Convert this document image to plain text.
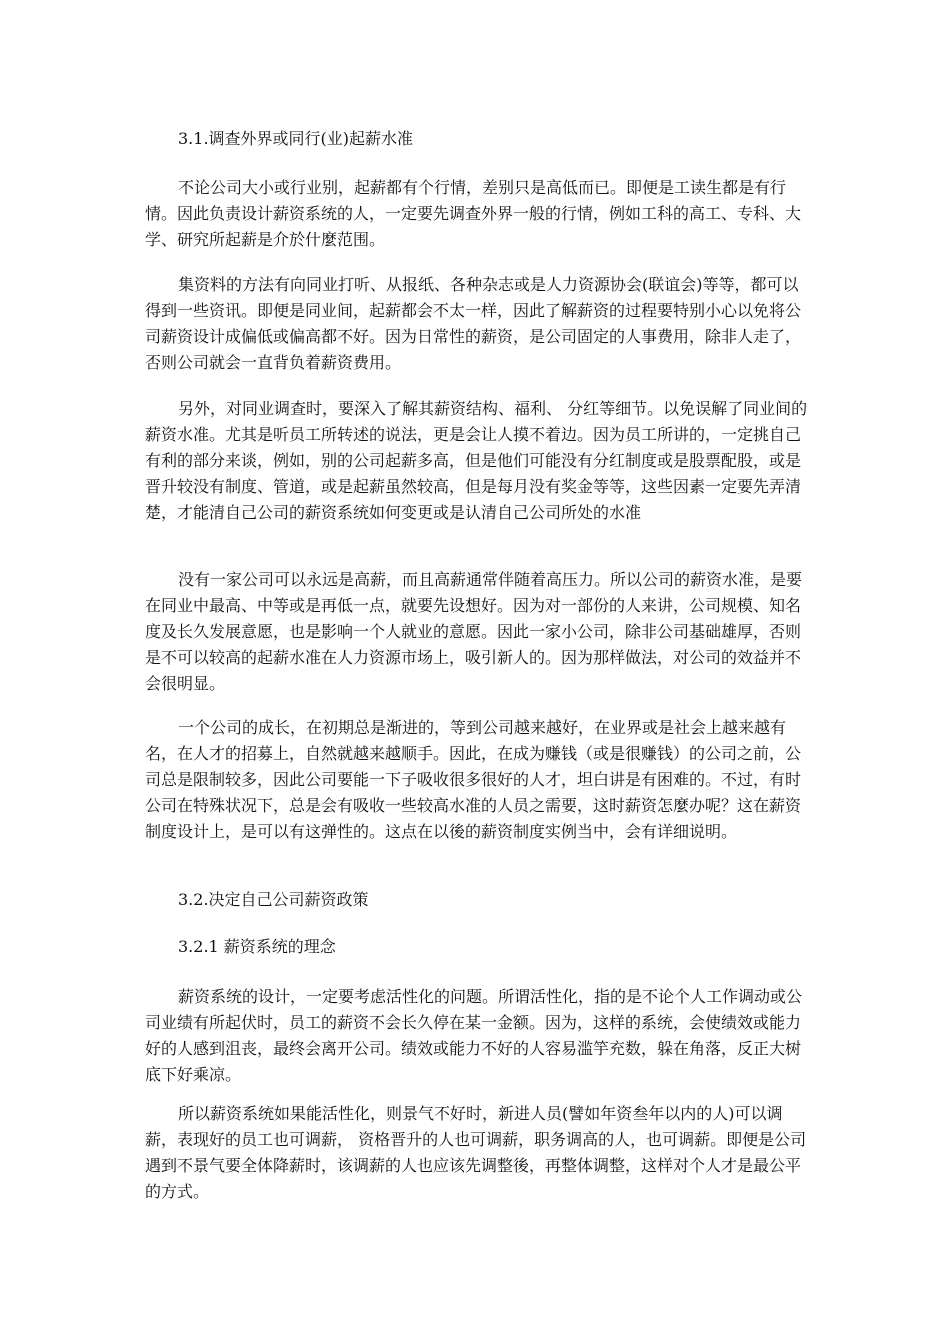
3.1.调查外界或同行(业)起薪水准

不论公司大小或行业别，起薪都有个行情，差别只是高低而已。即便是工读生都是有行情。因此负责设计薪资系统的人，一定要先调查外界一般的行情，例如工科的高工、专科、大学、研究所起薪是介於什麼范围。

集资料的方法有向同业打听、从报纸、各种杂志或是人力资源协会(联谊会)等等，都可以得到一些资讯。即便是同业间，起薪都会不太一样，因此了解薪资的过程要特别小心以免将公司薪资设计成偏低或偏高都不好。因为日常性的薪资，是公司固定的人事费用，除非人走了，否则公司就会一直背负着薪资费用。

另外，对同业调查时，要深入了解其薪资结构、福利、 分红等细节。以免误解了同业间的薪资水准。尤其是听员工所转述的说法，更是会让人摸不着边。因为员工所讲的，一定挑自己有利的部分来谈，例如，别的公司起薪多高，但是他们可能没有分红制度或是股票配股，或是晋升较没有制度、管道，或是起薪虽然较高，但是每月没有奖金等等，这些因素一定要先弄清楚，才能清自己公司的薪资系统如何变更或是认清自己公司所处的水准

没有一家公司可以永远是高薪，而且高薪通常伴随着高压力。所以公司的薪资水准，是要在同业中最高、中等或是再低一点，就要先设想好。因为对一部份的人来讲，公司规模、知名度及长久发展意愿，也是影响一个人就业的意愿。因此一家小公司，除非公司基础雄厚，否则是不可以较高的起薪水准在人力资源市场上，吸引新人的。因为那样做法，对公司的效益并不会很明显。

一个公司的成长，在初期总是渐进的，等到公司越来越好，在业界或是社会上越来越有名，在人才的招募上，自然就越来越顺手。因此，在成为赚钱（或是很赚钱）的公司之前，公司总是限制较多，因此公司要能一下子吸收很多很好的人才，坦白讲是有困难的。不过，有时公司在特殊状况下，总是会有吸收一些较高水准的人员之需要，这时薪资怎麼办呢？这在薪资制度设计上，是可以有这弹性的。这点在以後的薪资制度实例当中，会有详细说明。

3.2.决定自己公司薪资政策

3.2.1 薪资系统的理念

薪资系统的设计，一定要考虑活性化的问题。所谓活性化，指的是不论个人工作调动或公司业绩有所起伏时，员工的薪资不会长久停在某一金额。因为，这样的系统，会使绩效或能力好的人感到沮丧，最终会离开公司。绩效或能力不好的人容易滥竽充数，躲在角落，反正大树底下好乘凉。

所以薪资系统如果能活性化，则景气不好时，新进人员(譬如年资叁年以内的人)可以调薪，表现好的员工也可调薪， 资格晋升的人也可调薪，职务调高的人，也可调薪。即便是公司遇到不景气要全体降薪时，该调薪的人也应该先调整後，再整体调整，这样对个人才是最公平的方式。
